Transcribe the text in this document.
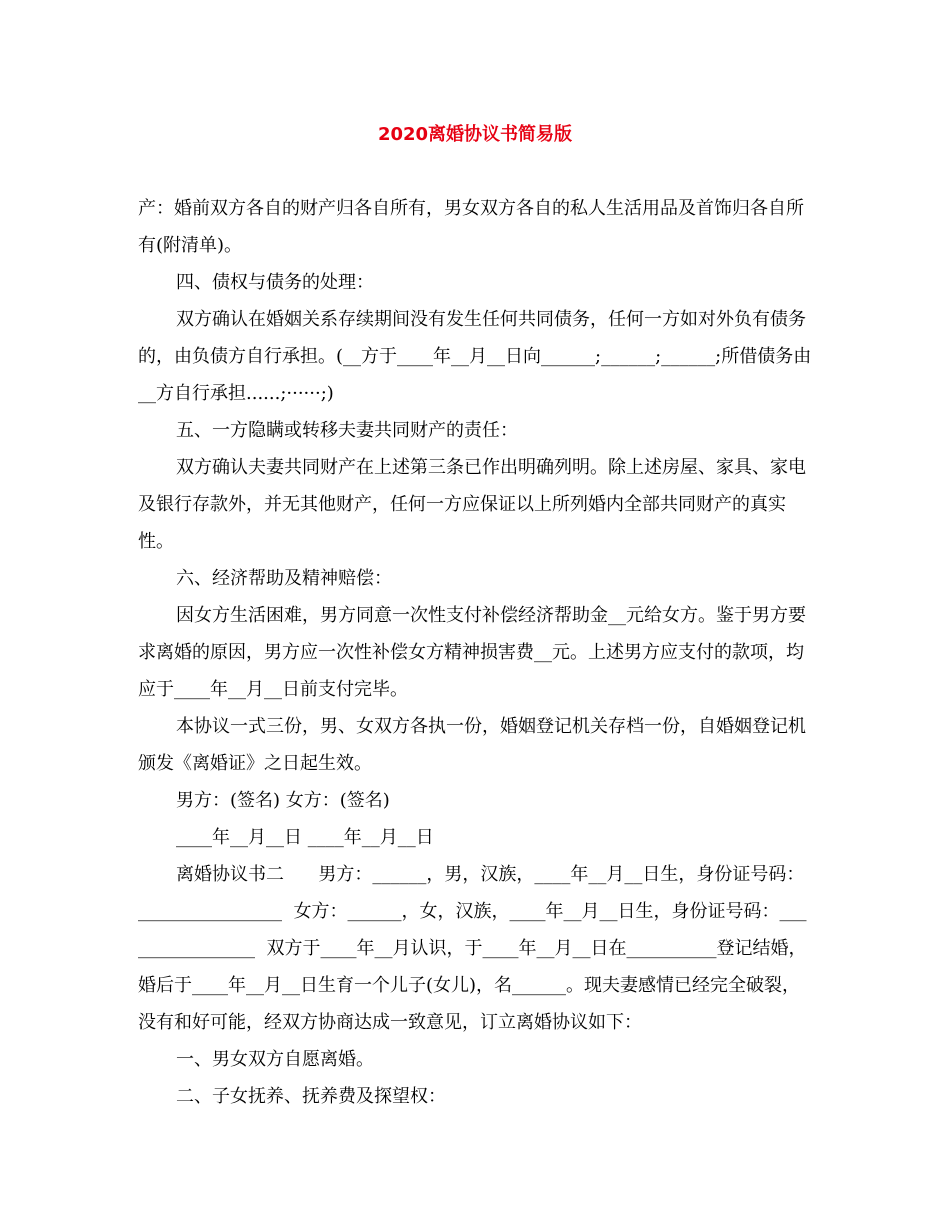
2020离婚协议书简易版

产：婚前双方各自的财产归各自所有，男女双方各自的私人生活用品及首饰归各自所有(附清单)。

四、债权与债务的处理：

双方确认在婚姻关系存续期间没有发生任何共同债务，任何一方如对外负有债务的，由负债方自行承担。(__方于____年__月__日向______;______;______;所借债务由__方自行承担......;······;)

五、一方隐瞒或转移夫妻共同财产的责任：

双方确认夫妻共同财产在上述第三条已作出明确列明。除上述房屋、家具、家电及银行存款外，并无其他财产，任何一方应保证以上所列婚内全部共同财产的真实性。

六、经济帮助及精神赔偿：

因女方生活困难，男方同意一次性支付补偿经济帮助金__元给女方。鉴于男方要求离婚的原因，男方应一次性补偿女方精神损害费__元。上述男方应支付的款项，均应于____年__月__日前支付完毕。

本协议一式三份，男、女双方各执一份，婚姻登记机关存档一份，自婚姻登记机颁发《离婚证》之日起生效。

男方：(签名) 女方：(签名)

____年__月__日 ____年__月__日

离婚协议书二      男方：______，男，汉族，____年__月__日生，身份证号码：________________  女方：______，女，汉族，____年__月__日生，身份证号码：________________  双方于____年__月认识，于____年__月__日在__________登记结婚，婚后于____年__月__日生育一个儿子(女儿)，名______。现夫妻感情已经完全破裂，没有和好可能，经双方协商达成一致意见，订立离婚协议如下：

一、男女双方自愿离婚。

二、子女抚养、抚养费及探望权：
